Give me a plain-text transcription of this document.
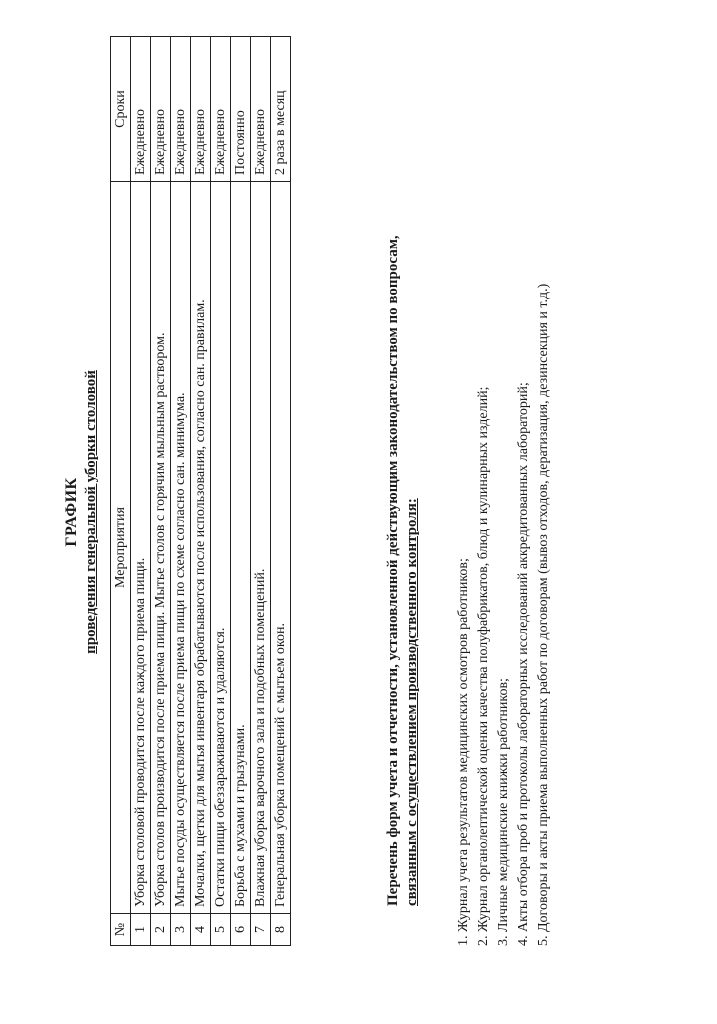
ГРАФИК проведения генеральной уборки столовой
№	Мероприятия	Сроки
1	Уборка столовой проводится после каждого приема пищи.	Ежедневно
2	Уборка столов производится после приема пищи. Мытье столов с горячим мыльным раствором.	Ежедневно
3	Мытье посуды осуществляется после приема пищи по схеме согласно сан. минимума.	Ежедневно
4	Мочалки, щетки для мытья инвентаря обрабатываются после использования, согласно сан. правилам.	Ежедневно
5	Остатки пищи обеззараживаются и удаляются.	Ежедневно
6	Борьба с мухами и грызунами.	Постоянно
7	Влажная уборка варочного зала и подобных помещений.	Ежедневно
8	Генеральная уборка помещений с мытьем окон.	2 раза в месяц
Перечень форм учета и отчетности, установленной действующим законодательством по вопросам, связанным с осуществлением производственного контроля:	1. Журнал учета результатов медицинских осмотров работников; 2. Журнал органолептической оценки качества полуфабрикатов, блюд и кулинарных изделий; 3. Личные медицинские книжки работников; 4. Акты отбора проб и протоколы лабораторных исследований аккредитованных лабораторий; 5. Договоры и акты приема выполненных работ по договорам (вывоз отходов, дератизация, дезинсекция и т.д.)
